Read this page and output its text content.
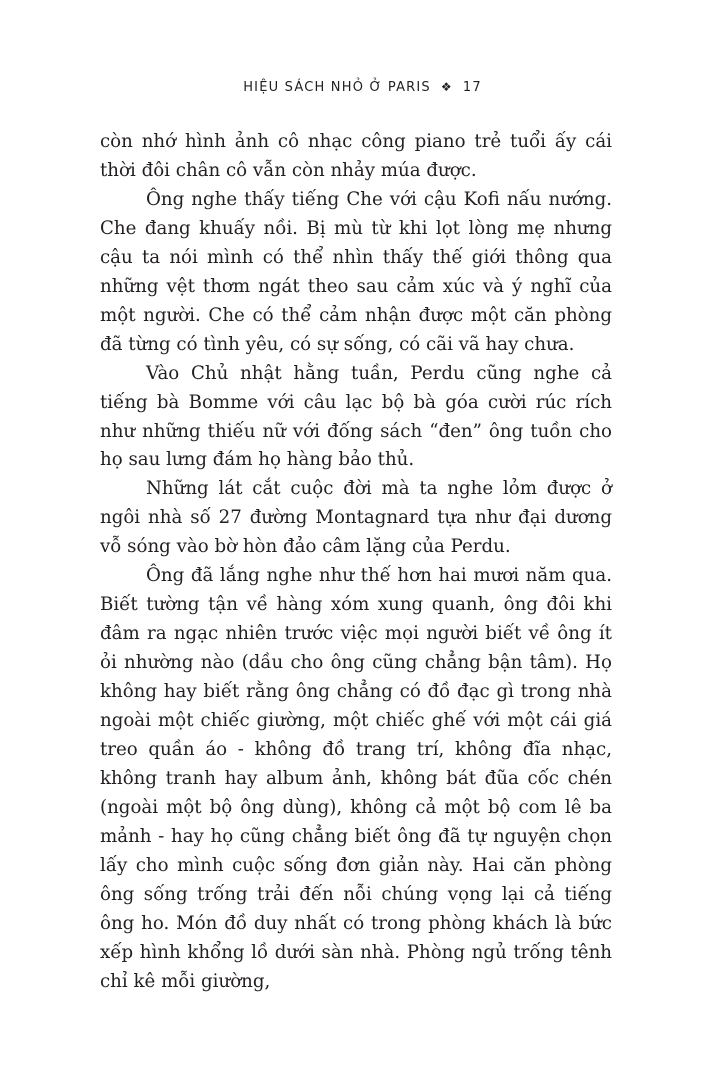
HIỆU SÁCH NHỎ Ở PARIS ❖ 17

còn nhớ hình ảnh cô nhạc công piano trẻ tuổi ấy cái thời đôi chân cô vẫn còn nhảy múa được.

Ông nghe thấy tiếng Che với cậu Kofi nấu nướng. Che đang khuấy nồi. Bị mù từ khi lọt lòng mẹ nhưng cậu ta nói mình có thể nhìn thấy thế giới thông qua những vệt thơm ngát theo sau cảm xúc và ý nghĩ của một người. Che có thể cảm nhận được một căn phòng đã từng có tình yêu, có sự sống, có cãi vã hay chưa.

Vào Chủ nhật hằng tuần, Perdu cũng nghe cả tiếng bà Bomme với câu lạc bộ bà góa cười rúc rích như những thiếu nữ với đống sách “đen” ông tuồn cho họ sau lưng đám họ hàng bảo thủ.

Những lát cắt cuộc đời mà ta nghe lỏm được ở ngôi nhà số 27 đường Montagnard tựa như đại dương vỗ sóng vào bờ hòn đảo câm lặng của Perdu.

Ông đã lắng nghe như thế hơn hai mươi năm qua. Biết tường tận về hàng xóm xung quanh, ông đôi khi đâm ra ngạc nhiên trước việc mọi người biết về ông ít ỏi nhường nào (dầu cho ông cũng chẳng bận tâm). Họ không hay biết rằng ông chẳng có đồ đạc gì trong nhà ngoài một chiếc giường, một chiếc ghế với một cái giá treo quần áo - không đồ trang trí, không đĩa nhạc, không tranh hay album ảnh, không bát đũa cốc chén (ngoài một bộ ông dùng), không cả một bộ com lê ba mảnh - hay họ cũng chẳng biết ông đã tự nguyện chọn lấy cho mình cuộc sống đơn giản này. Hai căn phòng ông sống trống trải đến nỗi chúng vọng lại cả tiếng ông ho. Món đồ duy nhất có trong phòng khách là bức xếp hình khổng lồ dưới sàn nhà. Phòng ngủ trống tênh chỉ kê mỗi giường,
